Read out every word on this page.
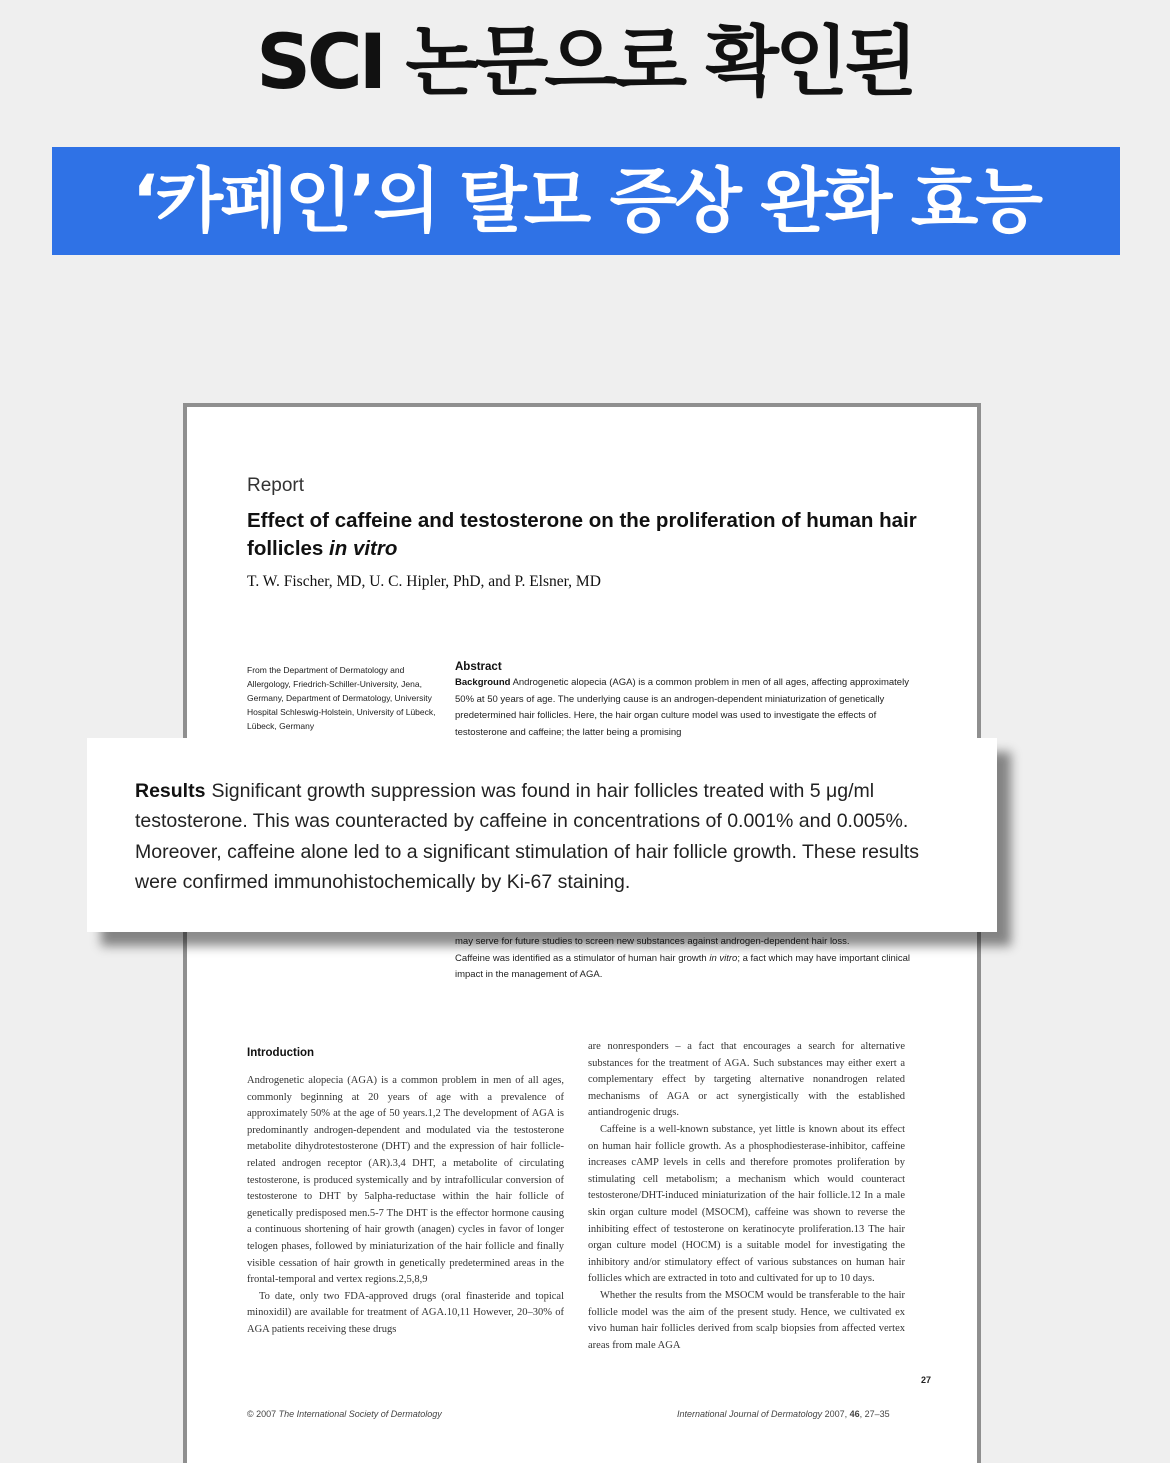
SCI 논문으로 확인된
‘카페인’의 탈모 증상 완화 효능
Report
Effect of caffeine and testosterone on the proliferation of human hair follicles in vitro
T. W. Fischer, MD, U. C. Hipler, PhD, and P. Elsner, MD
From the Department of Dermatology and Allergology, Friedrich-Schiller-University, Jena, Germany, Department of Dermatology, University Hospital Schleswig-Holstein, University of Lübeck, Lübeck, Germany
Abstract
Background Androgenetic alopecia (AGA) is a common problem in men of all ages, affecting approximately 50% at 50 years of age. The underlying cause is an androgen-dependent miniaturization of genetically predetermined hair follicles. Here, the hair organ culture model was used to investigate the effects of testosterone and caffeine; the latter being a promising
may serve for future studies to screen new substances against androgen-dependent hair loss.
Caffeine was identified as a stimulator of human hair growth in vitro; a fact which may have important clinical impact in the management of AGA.
Introduction
Androgenetic alopecia (AGA) is a common problem in men of all ages, commonly beginning at 20 years of age with a prevalence of approximately 50% at the age of 50 years.1,2 The development of AGA is predominantly androgen-dependent and modulated via the testosterone metabolite dihydrotestosterone (DHT) and the expression of hair follicle-related androgen receptor (AR).3,4 DHT, a metabolite of circulating testosterone, is produced systemically and by intrafollicular conversion of testosterone to DHT by 5alpha-reductase within the hair follicle of genetically predisposed men.5-7 The DHT is the effector hormone causing a continuous shortening of hair growth (anagen) cycles in favor of longer telogen phases, followed by miniaturization of the hair follicle and finally visible cessation of hair growth in genetically predetermined areas in the frontal-temporal and vertex regions.2,5,8,9
To date, only two FDA-approved drugs (oral finasteride and topical minoxidil) are available for treatment of AGA.10,11 However, 20–30% of AGA patients receiving these drugs
are nonresponders – a fact that encourages a search for alternative substances for the treatment of AGA. Such substances may either exert a complementary effect by targeting alternative nonandrogen related mechanisms of AGA or act synergistically with the established antiandrogenic drugs.
Caffeine is a well-known substance, yet little is known about its effect on human hair follicle growth. As a phosphodiesterase-inhibitor, caffeine increases cAMP levels in cells and therefore promotes proliferation by stimulating cell metabolism; a mechanism which would counteract testosterone/DHT-induced miniaturization of the hair follicle.12 In a male skin organ culture model (MSOCM), caffeine was shown to reverse the inhibiting effect of testosterone on keratinocyte proliferation.13 The hair organ culture model (HOCM) is a suitable model for investigating the inhibitory and/or stimulatory effect of various substances on human hair follicles which are extracted in toto and cultivated for up to 10 days.
Whether the results from the MSOCM would be transferable to the hair follicle model was the aim of the present study. Hence, we cultivated ex vivo human hair follicles derived from scalp biopsies from affected vertex areas from male AGA
27
© 2007 The International Society of Dermatology	International Journal of Dermatology 2007, 46, 27–35
Results Significant growth suppression was found in hair follicles treated with 5 μg/ml testosterone. This was counteracted by caffeine in concentrations of 0.001% and 0.005%. Moreover, caffeine alone led to a significant stimulation of hair follicle growth. These results were confirmed immunohistochemically by Ki-67 staining.
